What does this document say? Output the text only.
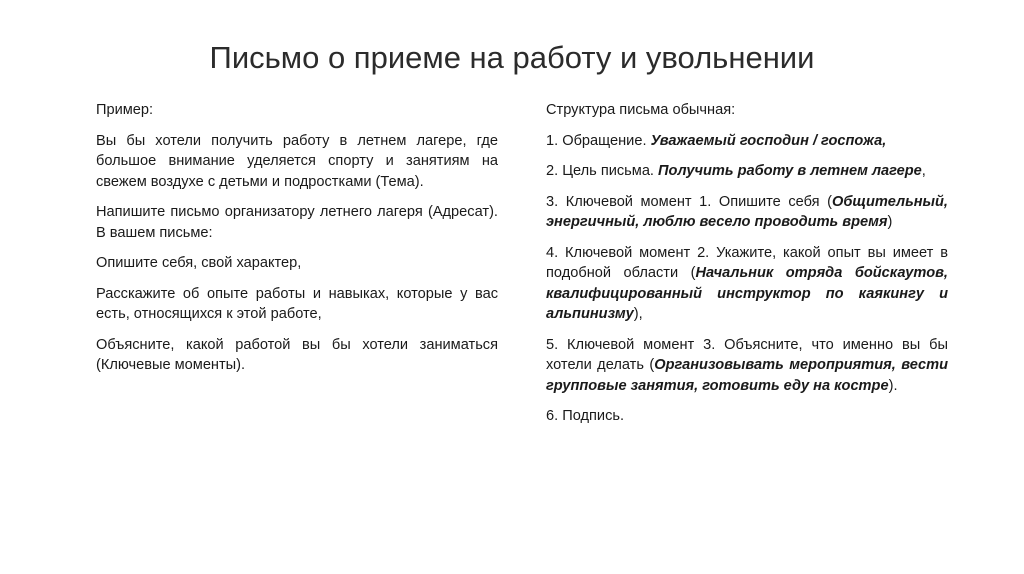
Письмо о приеме на работу и увольнении

Пример:

Вы бы хотели получить работу в летнем лагере, где большое внимание уделяется спорту и занятиям на свежем воздухе с детьми и подростками (Тема).

Напишите письмо организатору летнего лагеря (Адресат). В вашем письме:

Опишите себя, свой характер,

Расскажите об опыте работы и навыках, которые у вас есть, относящихся к этой работе,

Объясните, какой работой вы бы хотели заниматься (Ключевые моменты).

Структура письма обычная:

1. Обращение. Уважаемый господин / госпожа,

2. Цель письма. Получить работу в летнем лагере,

3. Ключевой момент 1. Опишите себя (Общительный, энергичный, люблю весело проводить время)

4. Ключевой момент 2. Укажите, какой опыт вы имеет в подобной области (Начальник отряда бойскаутов, квалифицированный инструктор по каякингу и альпинизму),

5. Ключевой момент 3. Объясните, что именно вы бы хотели делать (Организовывать мероприятия, вести групповые занятия, готовить еду на костре).

6. Подпись.
